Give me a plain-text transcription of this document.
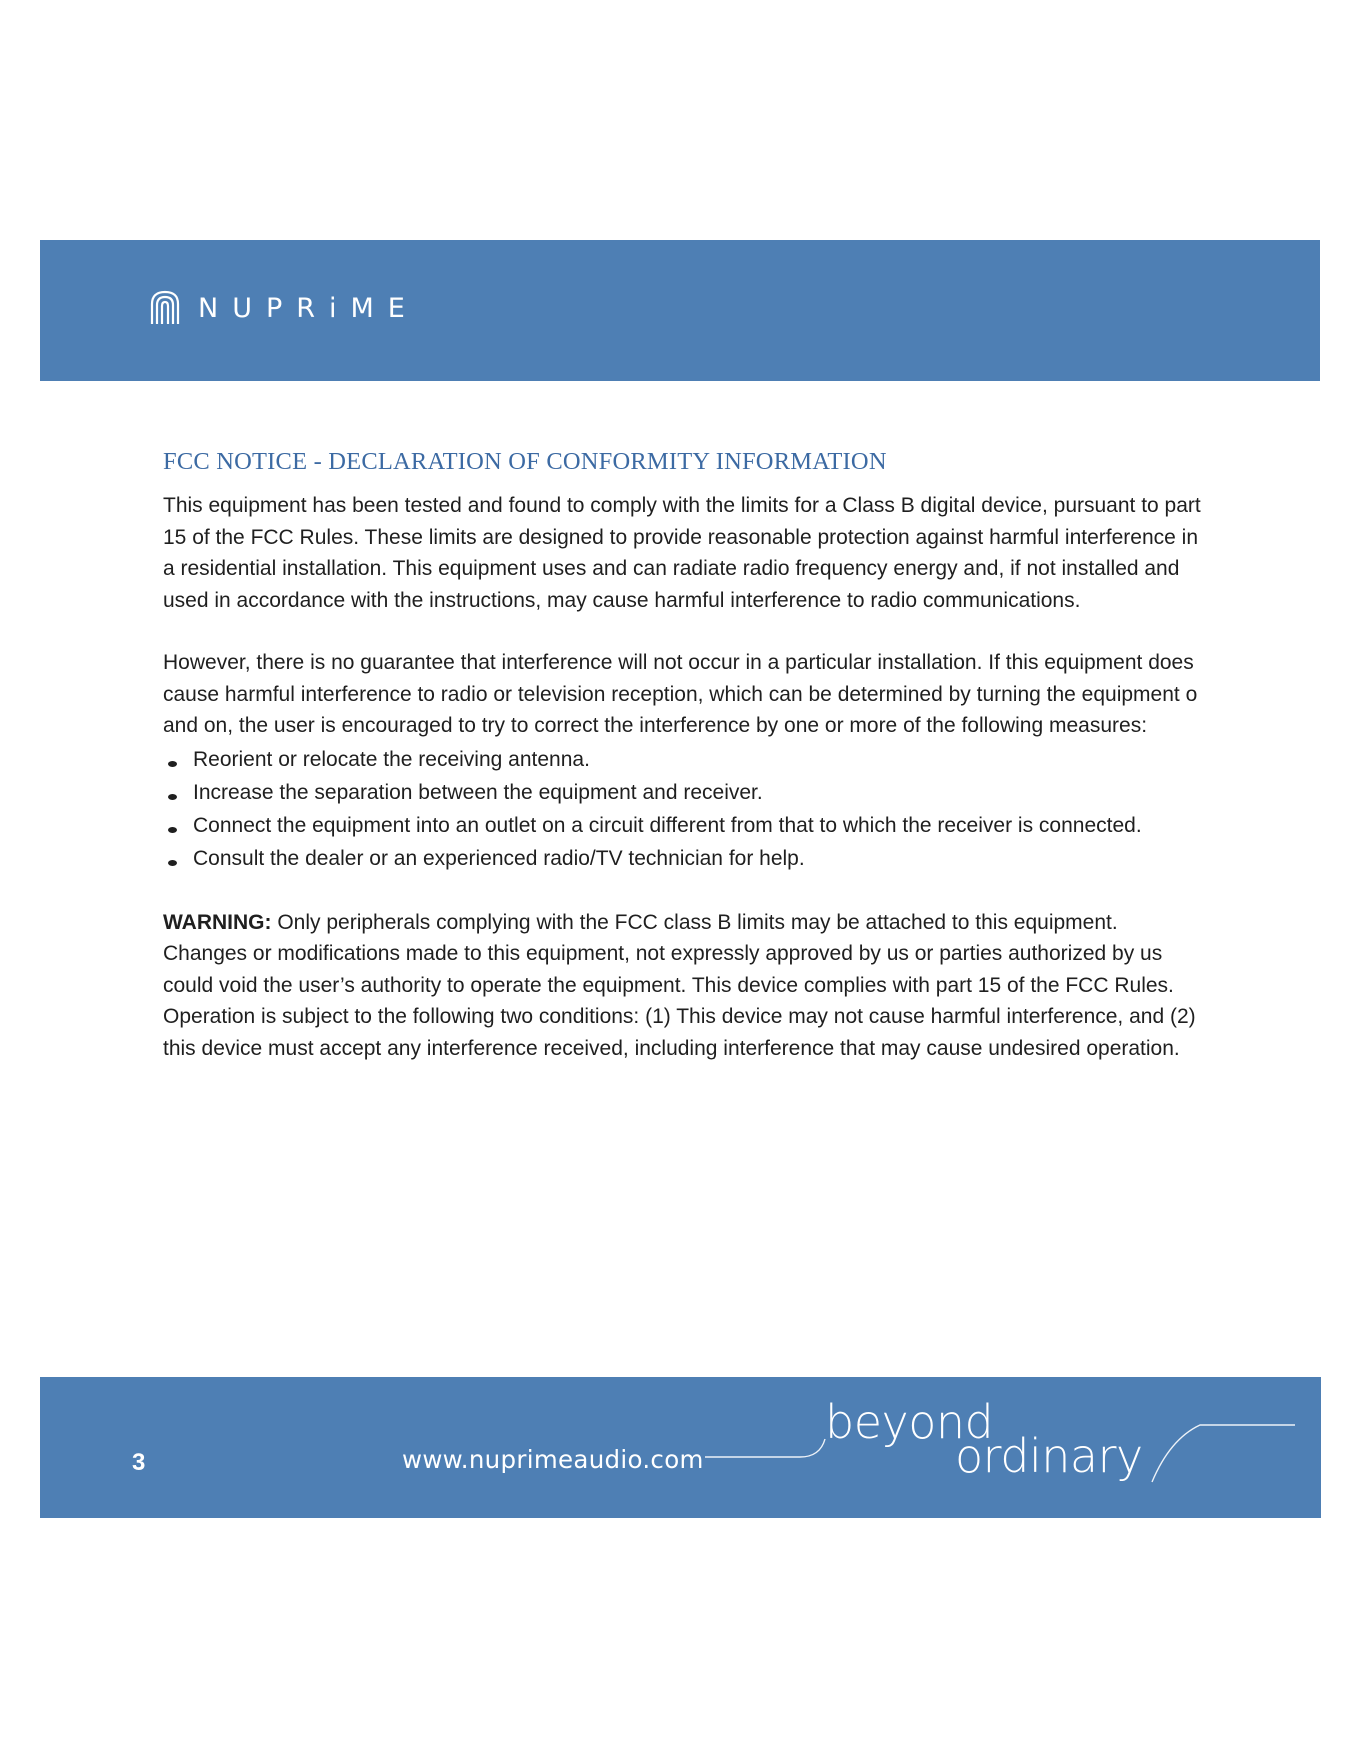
NUPRiME
FCC NOTICE - DECLARATION OF CONFORMITY INFORMATION

This equipment has been tested and found to comply with the limits for a Class B digital device, pursuant to part 15 of the FCC Rules. These limits are designed to provide reasonable protection against harmful interference in a residential installation. This equipment uses and can radiate radio frequency energy and, if not installed and used in accordance with the instructions, may cause harmful interference to radio communications.

However, there is no guarantee that interference will not occur in a particular installation. If this equipment does cause harmful interference to radio or television reception, which can be determined by turning the equipment o and on, the user is encouraged to try to correct the interference by one or more of the following measures:

Reorient or relocate the receiving antenna.
Increase the separation between the equipment and receiver.
Connect the equipment into an outlet on a circuit different from that to which the receiver is connected.
Consult the dealer or an experienced radio/TV technician for help.

WARNING: Only peripherals complying with the FCC class B limits may be attached to this equipment.

Changes or modifications made to this equipment, not expressly approved by us or parties authorized by us could void the user’s authority to operate the equipment. This device complies with part 15 of the FCC Rules. Operation is subject to the following two conditions: (1) This device may not cause harmful interference, and (2) this device must accept any interference received, including interference that may cause undesired operation.

3	www.nuprimeaudio.com
beyond
ordinary
